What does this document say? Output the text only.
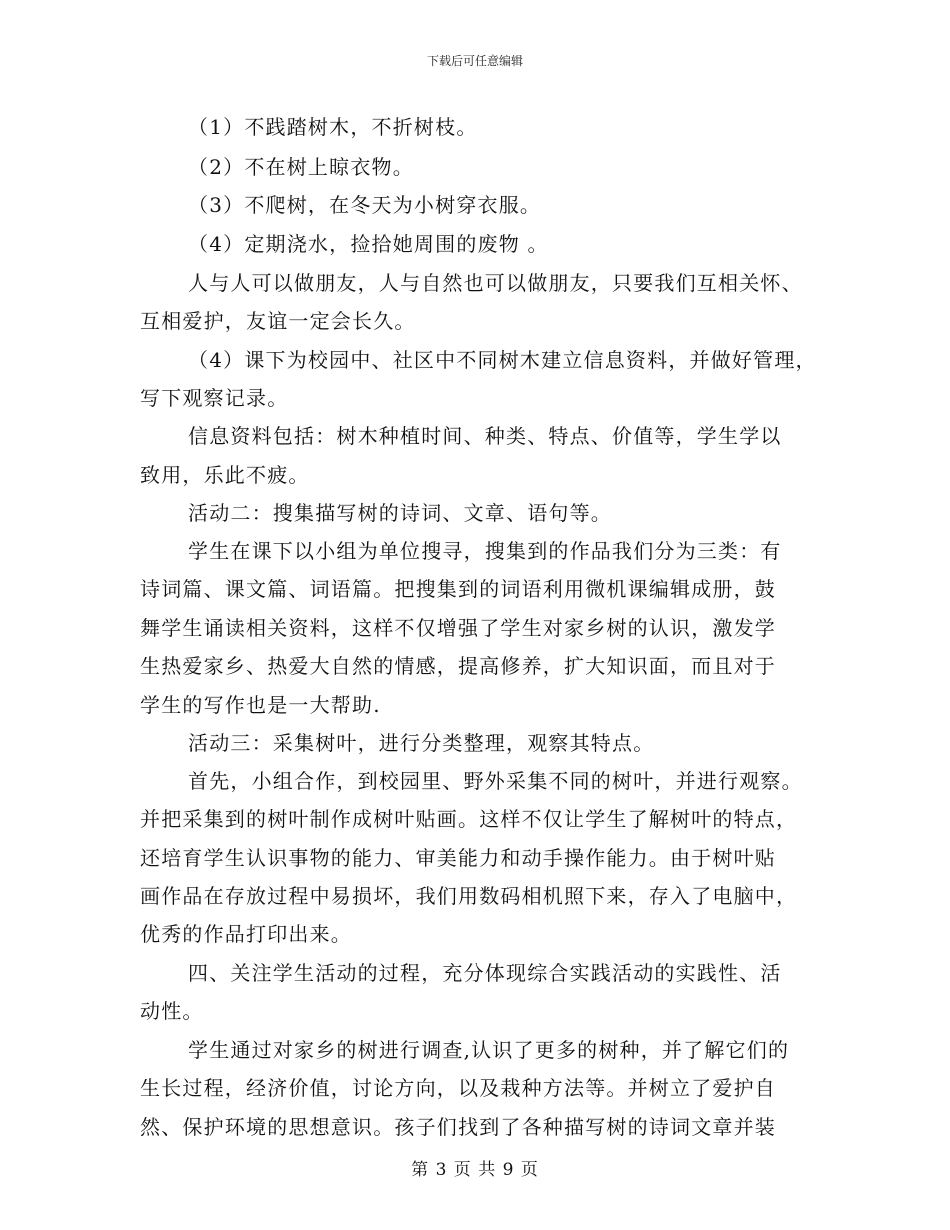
下载后可任意编辑
（1）不践踏树木，不折树枝。
（2）不在树上晾衣物。
（3）不爬树，在冬天为小树穿衣服。
（4）定期浇水，捡拾她周围的废物 。
人与人可以做朋友，人与自然也可以做朋友，只要我们互相关怀、
互相爱护，友谊一定会长久。
（4）课下为校园中、社区中不同树木建立信息资料，并做好管理，
写下观察记录。
信息资料包括：树木种植时间、种类、特点、价值等，学生学以
致用，乐此不疲。
活动二：搜集描写树的诗词、文章、语句等。
学生在课下以小组为单位搜寻，搜集到的作品我们分为三类：有
诗词篇、课文篇、词语篇。把搜集到的词语利用微机课编辑成册，鼓
舞学生诵读相关资料，这样不仅增强了学生对家乡树的认识，激发学
生热爱家乡、热爱大自然的情感，提高修养，扩大知识面，而且对于
学生的写作也是一大帮助.
活动三：采集树叶，进行分类整理，观察其特点。
首先，小组合作，到校园里、野外采集不同的树叶，并进行观察。
并把采集到的树叶制作成树叶贴画。这样不仅让学生了解树叶的特点，
还培育学生认识事物的能力、审美能力和动手操作能力。由于树叶贴
画作品在存放过程中易损坏，我们用数码相机照下来，存入了电脑中，
优秀的作品打印出来。
四、关注学生活动的过程，充分体现综合实践活动的实践性、活
动性。
学生通过对家乡的树进行调查,认识了更多的树种，并了解它们的
生长过程，经济价值，讨论方向，以及栽种方法等。并树立了爱护自
然、保护环境的思想意识。孩子们找到了各种描写树的诗词文章并装
第 3 页 共 9 页
